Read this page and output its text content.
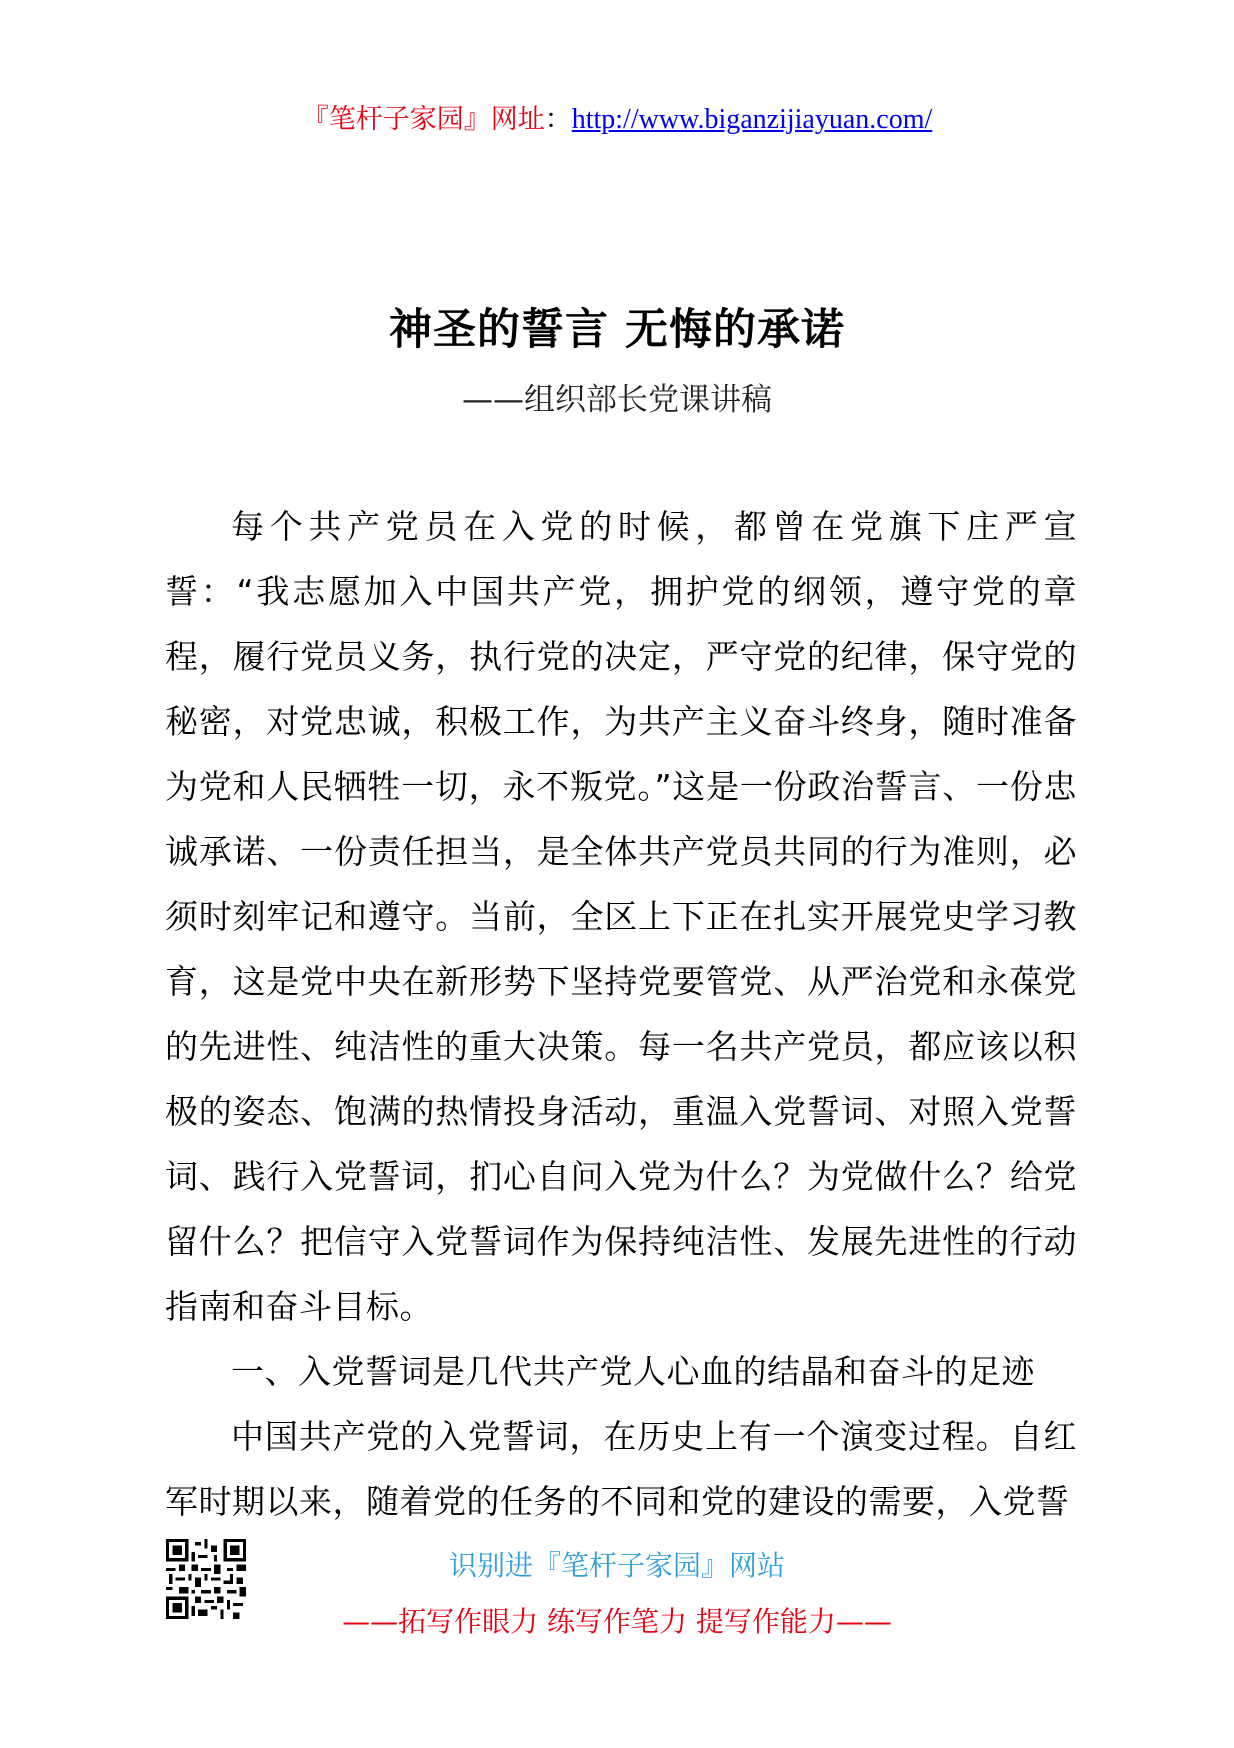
『笔杆子家园』网址：http://www.biganzijiayuan.com/
神圣的誓言 无悔的承诺
——组织部长党课讲稿

每个共产党员在入党的时候，都曾在党旗下庄严宣誓：“我志愿加入中国共产党，拥护党的纲领，遵守党的章程，履行党员义务，执行党的决定，严守党的纪律，保守党的秘密，对党忠诚，积极工作，为共产主义奋斗终身，随时准备为党和人民牺牲一切，永不叛党。”这是一份政治誓言、一份忠诚承诺、一份责任担当，是全体共产党员共同的行为准则，必须时刻牢记和遵守。当前，全区上下正在扎实开展党史学习教育，这是党中央在新形势下坚持党要管党、从严治党和永葆党的先进性、纯洁性的重大决策。每一名共产党员，都应该以积极的姿态、饱满的热情投身活动，重温入党誓词、对照入党誓词、践行入党誓词，扪心自问入党为什么？为党做什么？给党留什么？把信守入党誓词作为保持纯洁性、发展先进性的行动指南和奋斗目标。

一、入党誓词是几代共产党人心血的结晶和奋斗的足迹

中国共产党的入党誓词，在历史上有一个演变过程。自红军时期以来，随着党的任务的不同和党的建设的需要，入党誓

识别进『笔杆子家园』网站
——拓写作眼力 练写作笔力 提写作能力——
